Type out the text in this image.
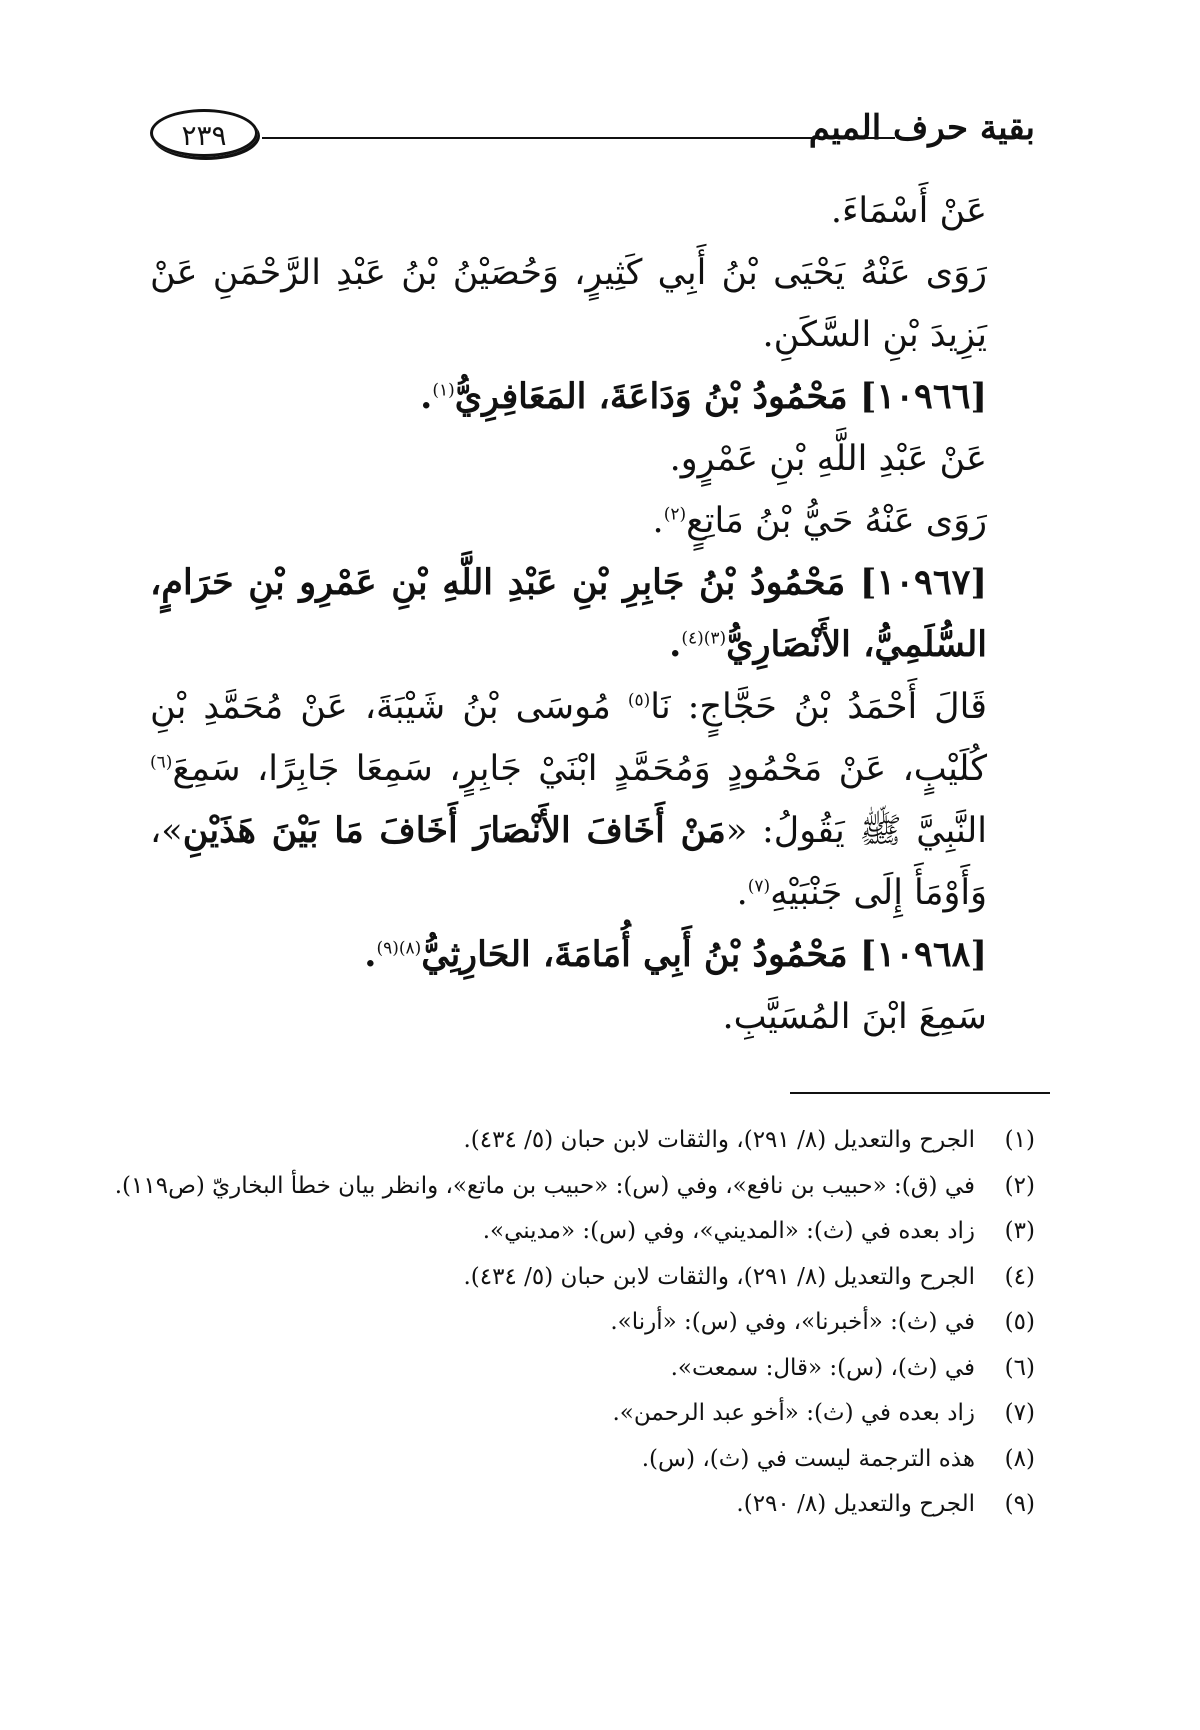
بقية حرف الميم
٢٣٩

عَنْ أَسْمَاءَ.

رَوَى عَنْهُ يَحْيَى بْنُ أَبِي كَثِيرٍ، وَحُصَيْنُ بْنُ عَبْدِ الرَّحْمَنِ عَنْ يَزِيدَ بْنِ السَّكَنِ.

[١٠٩٦٦] مَحْمُودُ بْنُ وَدَاعَةَ، المَعَافِرِيُّ$^{(١)}$.

عَنْ عَبْدِ اللَّهِ بْنِ عَمْرٍو.

رَوَى عَنْهُ حَيُّ بْنُ مَاتِعٍ$^{(٢)}$.

[١٠٩٦٧] مَحْمُودُ بْنُ جَابِرِ بْنِ عَبْدِ اللَّهِ بْنِ عَمْرِو بْنِ حَرَامٍ، السُّلَمِيُّ، الأَنْصَارِيُّ$^{(٣)(٤)}$.

قَالَ أَحْمَدُ بْنُ حَجَّاجٍ: نَا$^{(٥)}$ مُوسَى بْنُ شَيْبَةَ، عَنْ مُحَمَّدِ بْنِ كُلَيْبٍ، عَنْ مَحْمُودٍ وَمُحَمَّدٍ ابْنَيْ جَابِرٍ، سَمِعَا جَابِرًا، سَمِعَ$^{(٦)}$ النَّبِيَّ ﷺ يَقُولُ: «مَنْ أَخَافَ الأَنْصَارَ أَخَافَ مَا بَيْنَ هَذَيْنِ»، وَأَوْمَأَ إِلَى جَنْبَيْهِ$^{(٧)}$.

[١٠٩٦٨] مَحْمُودُ بْنُ أَبِي أُمَامَةَ، الحَارِثِيُّ$^{(٨)(٩)}$.

سَمِعَ ابْنَ المُسَيَّبِ.

(١)الجرح والتعديل (٨/ ٢٩١)، والثقات لابن حبان (٥/ ٤٣٤).
(٢)في (ق): «حبيب بن نافع»، وفي (س): «حبيب بن ماتع»، وانظر بيان خطأ البخاريّ (ص١١٩).
(٣)زاد بعده في (ث): «المديني»، وفي (س): «مديني».
(٤)الجرح والتعديل (٨/ ٢٩١)، والثقات لابن حبان (٥/ ٤٣٤).
(٥)في (ث): «أخبرنا»، وفي (س): «أرنا».
(٦)في (ث)، (س): «قال: سمعت».
(٧)زاد بعده في (ث): «أخو عبد الرحمن».
(٨)هذه الترجمة ليست في (ث)، (س).
(٩)الجرح والتعديل (٨/ ٢٩٠).
